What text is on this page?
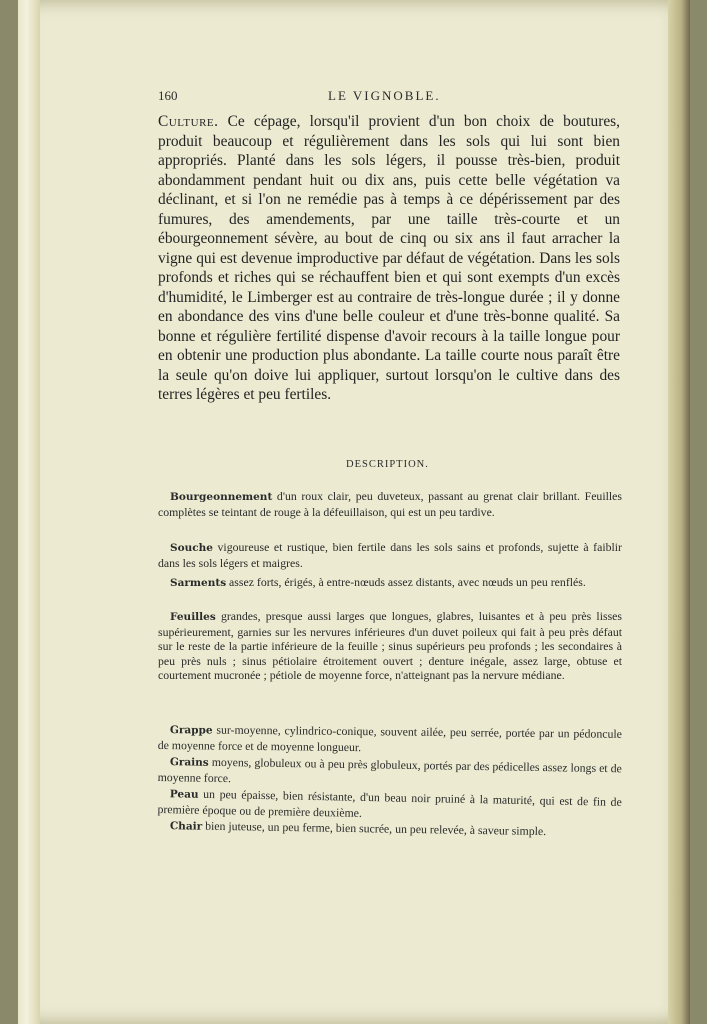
160	LE VIGNOBLE.
Culture. Ce cépage, lorsqu'il provient d'un bon choix de boutures, produit beaucoup et régulièrement dans les sols qui lui sont bien appropriés. Planté dans les sols légers, il pousse très-bien, produit abondamment pendant huit ou dix ans, puis cette belle végétation va déclinant, et si l'on ne remédie pas à temps à ce dépérissement par des fumures, des amendements, par une taille très-courte et un ébourgeonnement sévère, au bout de cinq ou six ans il faut arracher la vigne qui est devenue improductive par défaut de végétation. Dans les sols profonds et riches qui se réchauffent bien et qui sont exempts d'un excès d'humidité, le Limberger est au contraire de très-longue durée ; il y donne en abondance des vins d'une belle couleur et d'une très-bonne qualité. Sa bonne et régulière fertilité dispense d'avoir recours à la taille longue pour en obtenir une production plus abondante. La taille courte nous paraît être la seule qu'on doive lui appliquer, surtout lorsqu'on le cultive dans des terres légères et peu fertiles.
DESCRIPTION.
Bourgeonnement d'un roux clair, peu duveteux, passant au grenat clair brillant. Feuilles complètes se teintant de rouge à la défeuillaison, qui est un peu tardive.
Souche vigoureuse et rustique, bien fertile dans les sols sains et profonds, sujette à faiblir dans les sols légers et maigres.
Sarments assez forts, érigés, à entre-nœuds assez distants, avec nœuds un peu renflés.
Feuilles grandes, presque aussi larges que longues, glabres, luisantes et à peu près lisses supérieurement, garnies sur les nervures inférieures d'un duvet poileux qui fait à peu près défaut sur le reste de la partie inférieure de la feuille ; sinus supérieurs peu profonds ; les secondaires à peu près nuls ; sinus pétiolaire étroitement ouvert ; denture inégale, assez large, obtuse et courtement mucronée ; pétiole de moyenne force, n'atteignant pas la nervure médiane.
Grappe sur-moyenne, cylindrico-conique, souvent ailée, peu serrée, portée par un pédoncule de moyenne force et de moyenne longueur.
Grains moyens, globuleux ou à peu près globuleux, portés par des pédicelles assez longs et de moyenne force.
Peau un peu épaisse, bien résistante, d'un beau noir pruiné à la maturité, qui est de fin de première époque ou de première deuxième.
Chair bien juteuse, un peu ferme, bien sucrée, un peu relevée, à saveur simple.
